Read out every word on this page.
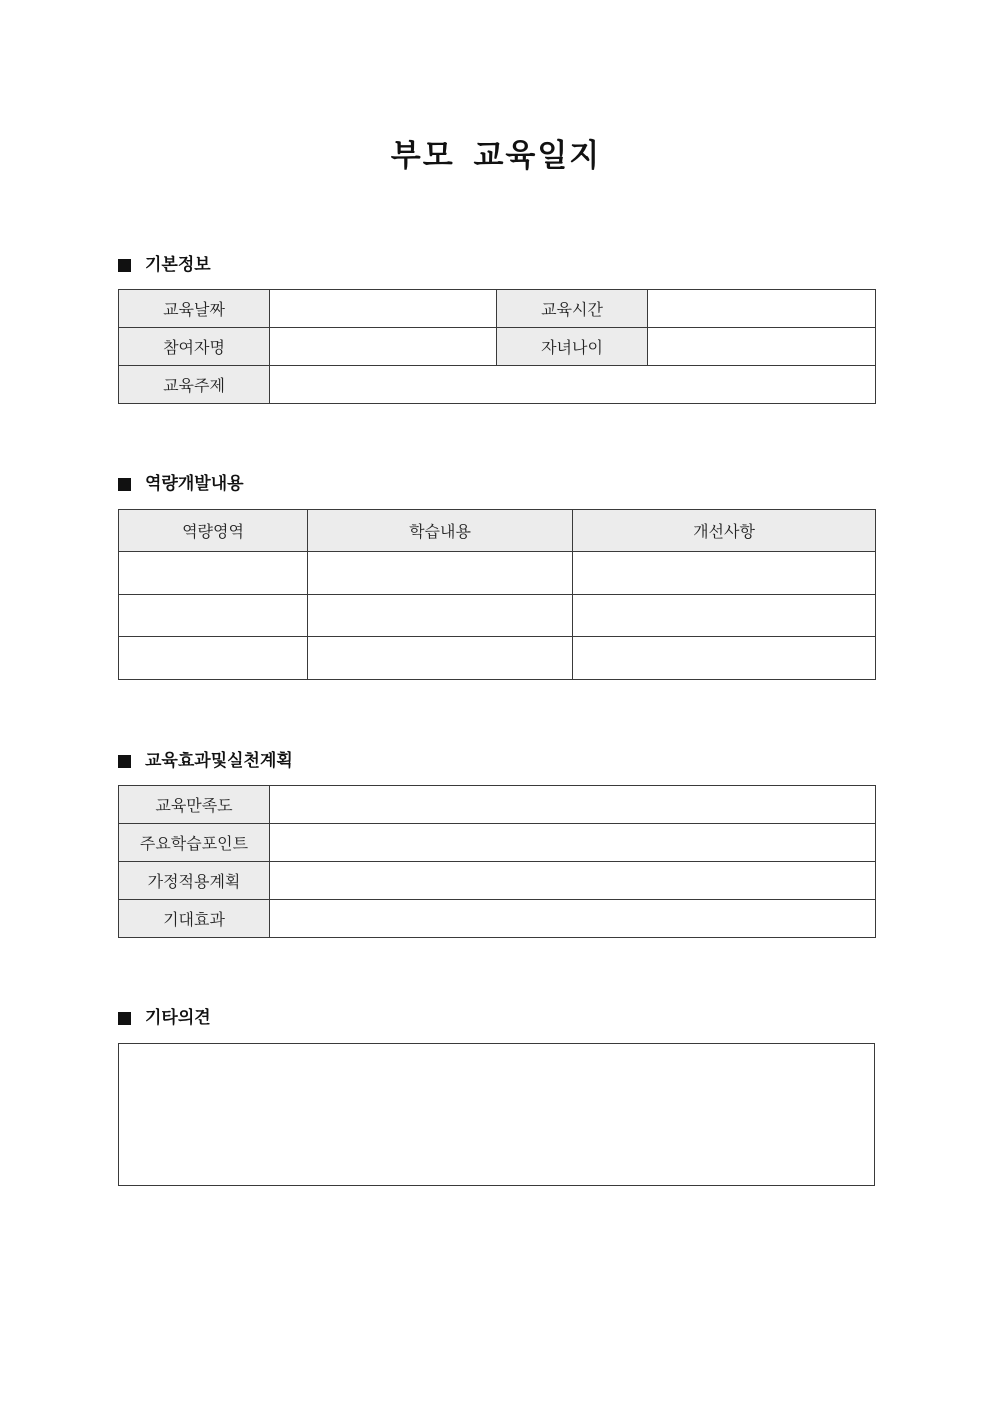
부모 교육일지
기본정보
교육날짜		교육시간	
참여자명		자녀나이	
교육주제			
역량개발내용
역량영역	학습내용	개선사항

교육효과및실천계획
교육만족도	
주요학습포인트	
가정적용계획	
기대효과	
기타의견
